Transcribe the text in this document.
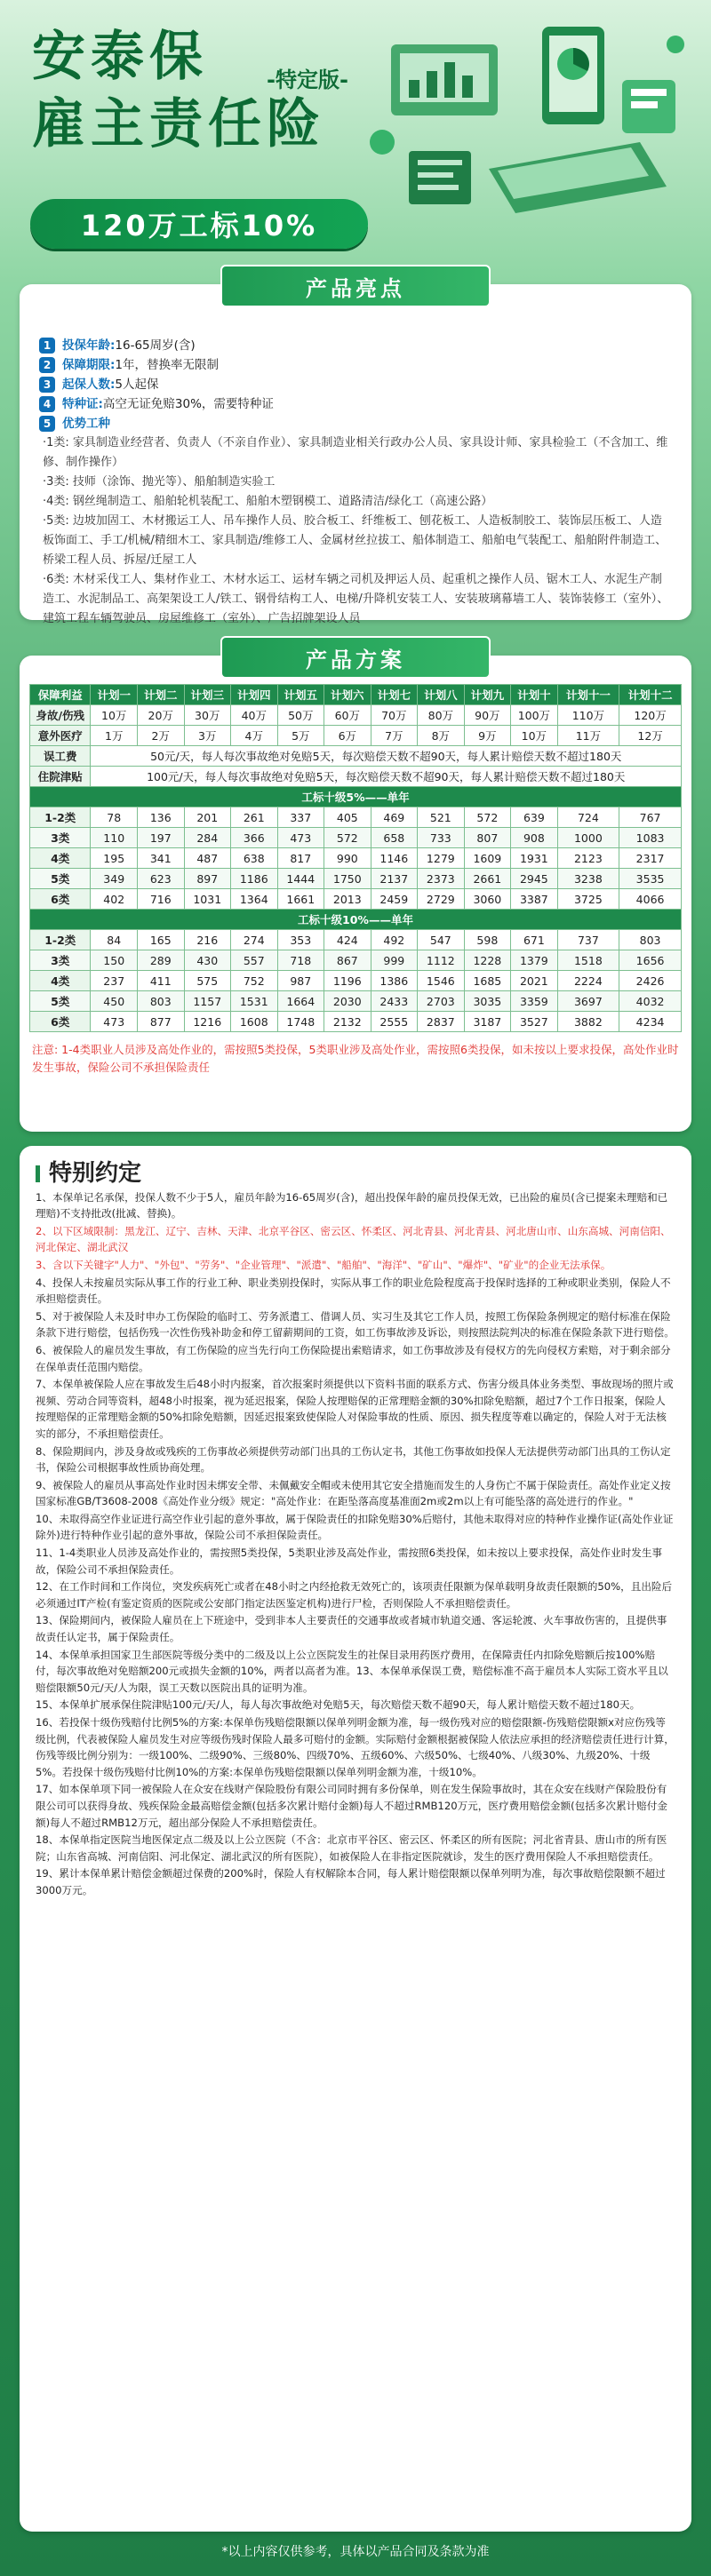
安泰保
雇主责任险
-特定版-
120万工标10%
产品亮点
1 投保年龄: 16-65周岁(含)
2 保障期限: 1年，替换率无限制
3 起保人数: 5人起保
4 特种证: 高空无证免赔30%，需要特种证
5 优势工种
·1类: 家具制造业经营者、负责人（不亲自作业）、家具制造业相关行政办公人员、家具设计师、家具检验工（不含加工、维修、制作操作）
·3类: 技师（涂饰、抛光等）、船舶制造实验工
·4类: 钢丝绳制造工、船舶轮机装配工、船舶木塑钢模工、道路清洁/绿化工（高速公路）
·5类: 边坡加固工、木材搬运工人、吊车操作人员、胶合板工、纤维板工、刨花板工、人造板制胶工、装饰层压板工、人造板饰面工、手工/机械/精细木工、家具制造/维修工人、金属材丝拉拔工、船体制造工、船舶电气装配工、船舶附件制造工、桥梁工程人员、拆屋/迁屋工人
·6类: 木材采伐工人、集材作业工、木材水运工、运材车辆之司机及押运人员、起重机之操作人员、锯木工人、水泥生产制造工、水泥制品工、高架架设工人/铁工、钢骨结构工人、电梯/升降机安装工人、安装玻璃幕墙工人、装饰装修工（室外）、建筑工程车辆驾驶员、房屋维修工（室外）、广告招牌架设人员
产品方案
保障利益	计划一	计划二	计划三	计划四	计划五	计划六	计划七	计划八	计划九	计划十	计划十一	计划十二
身故/伤残	10万	20万	30万	40万	50万	60万	70万	80万	90万	100万	110万	120万
意外医疗	1万	2万	3万	4万	5万	6万	7万	8万	9万	10万	11万	12万
误工费	50元/天，每人每次事故绝对免赔5天，每次赔偿天数不超90天，每人累计赔偿天数不超过180天											
住院津贴	100元/天，每人每次事故绝对免赔5天，每次赔偿天数不超90天，每人累计赔偿天数不超过180天											
工标十级5%——单年												
1-2类	78	136	201	261	337	405	469	521	572	639	724	767
3类	110	197	284	366	473	572	658	733	807	908	1000	1083
4类	195	341	487	638	817	990	1146	1279	1609	1931	2123	2317
5类	349	623	897	1186	1444	1750	2137	2373	2661	2945	3238	3535
6类	402	716	1031	1364	1661	2013	2459	2729	3060	3387	3725	4066
工标十级10%——单年												
1-2类	84	165	216	274	353	424	492	547	598	671	737	803
3类	150	289	430	557	718	867	999	1112	1228	1379	1518	1656
4类	237	411	575	752	987	1196	1386	1546	1685	2021	2224	2426
5类	450	803	1157	1531	1664	2030	2433	2703	3035	3359	3697	4032
6类	473	877	1216	1608	1748	2132	2555	2837	3187	3527	3882	4234
注意: 1-4类职业人员涉及高处作业的，需按照5类投保，5类职业涉及高处作业，需按照6类投保，如未按以上要求投保，高处作业时发生事故，保险公司不承担保险责任
特别约定

1、本保单记名承保，投保人数不少于5人，雇员年龄为16-65周岁(含)，超出投保年龄的雇员投保无效，已出险的雇员(含已提案未理赔和已理赔)不支持批改(批减、替换)。

2、以下区域限制：黑龙江、辽宁、吉林、天津、北京平谷区、密云区、怀柔区、河北青县、河北青县、河北唐山市、山东高城、河南信阳、河北保定、湖北武汉

3、含以下关键字"人力"、"外包"、"劳务"、"企业管理"、"派遣"、"船舶"、"海洋"、"矿山"、"爆炸"、"矿业"的企业无法承保。

4、投保人未按雇员实际从事工作的行业工种、职业类别投保时，实际从事工作的职业危险程度高于投保时选择的工种或职业类别，保险人不承担赔偿责任。

5、对于被保险人未及时申办工伤保险的临时工、劳务派遣工、借调人员、实习生及其它工作人员，按照工伤保险条例规定的赔付标准在保险条款下进行赔偿，包括伤残一次性伤残补助金和停工留薪期间的工资，如工伤事故涉及诉讼，则按照法院判决的标准在保险条款下进行赔偿。

6、被保险人的雇员发生事故，有工伤保险的应当先行向工伤保险提出索赔请求，如工伤事故涉及有侵权方的先向侵权方索赔，对于剩余部分在保单责任范围内赔偿。

7、本保单被保险人应在事故发生后48小时内报案，首次报案时须提供以下资料书面的联系方式、伤害分级具体业务类型、事故现场的照片或视频、劳动合同等资料，超48小时报案，视为延迟报案，保险人按理赔保的正常理赔金额的30%扣除免赔额，超过7个工作日报案，保险人按理赔保的正常理赔金额的50%扣除免赔额，因延迟报案致使保险人对保险事故的性质、原因、损失程度等难以确定的，保险人对于无法核实的部分，不承担赔偿责任。

8、保险期间内，涉及身故或残疾的工伤事故必须提供劳动部门出具的工伤认定书，其他工伤事故如投保人无法提供劳动部门出具的工伤认定书，保险公司根据事故性质协商处理。

9、被保险人的雇员从事高处作业时因未绑安全带、未佩戴安全帽或未使用其它安全措施而发生的人身伤亡不属于保险责任。高处作业定义按国家标准GB/T3608-2008《高处作业分级》规定："高处作业：在距坠落高度基准面2m或2m以上有可能坠落的高处进行的作业。"

10、未取得高空作业证进行高空作业引起的意外事故，属于保险责任的扣除免赔30%后赔付，其他未取得对应的特种作业操作证(高处作业证除外)进行特种作业引起的意外事故，保险公司不承担保险责任。

11、1-4类职业人员涉及高处作业的，需按照5类投保，5类职业涉及高处作业，需按照6类投保，如未按以上要求投保，高处作业时发生事故，保险公司不承担保险责任。

12、在工作时间和工作岗位，突发疾病死亡或者在48小时之内经抢救无效死亡的，该项责任限额为保单载明身故责任限额的50%，且出险后必须通过IT产检(有鉴定资质的医院或公安部门指定法医鉴定机构)进行尸检，否则保险人不承担赔偿责任。

13、保险期间内，被保险人雇员在上下班途中，受到非本人主要责任的交通事故或者城市轨道交通、客运轮渡、火车事故伤害的，且提供事故责任认定书，属于保险责任。

14、本保单承担国家卫生部医院等级分类中的二级及以上公立医院发生的社保目录用药医疗费用，在保障责任内扣除免赔额后按100%赔付，每次事故绝对免赔额200元或损失金额的10%，两者以高者为准。13、本保单承保误工费，赔偿标准不高于雇员本人实际工资水平且以赔偿限额50元/天/人为限，误工天数以医院出具的证明为准。

15、本保单扩展承保住院津贴100元/天/人，每人每次事故绝对免赔5天，每次赔偿天数不超90天，每人累计赔偿天数不超过180天。

16、若投保十级伤残赔付比例5%的方案:本保单伤残赔偿限额以保单列明金额为准，每一级伤残对应的赔偿限额-伤残赔偿限额x对应伤残等级比例，代表被保险人雇员发生对应等级伤残时保险人最多可赔付的金额。实际赔付金额根据被保险人依法应承担的经济赔偿责任进行计算，伤残等级比例分别为：一级100%、二级90%、三级80%、四级70%、五级60%、六级50%、七级40%、八级30%、九级20%、十级5%。若投保十级伤残赔付比例10%的方案:本保单伤残赔偿限额以保单列明金额为准，十级10%。

17、如本保单项下同一被保险人在众安在线财产保险股份有限公司同时拥有多份保单，则在发生保险事故时，其在众安在线财产保险股份有限公司可以获得身故、残疾保险金最高赔偿金额(包括多次累计赔付金额)每人不超过RMB120万元，医疗费用赔偿金额(包括多次累计赔付金额)每人不超过RMB12万元，超出部分保险人不承担赔偿责任。

18、本保单指定医院当地医保定点二级及以上公立医院（不含：北京市平谷区、密云区、怀柔区的所有医院；河北省青县、唐山市的所有医院；山东省高城、河南信阳、河北保定、湖北武汉的所有医院），如被保险人在非指定医院就诊，发生的医疗费用保险人不承担赔偿责任。

19、累计本保单累计赔偿金额超过保费的200%时，保险人有权解除本合同，每人累计赔偿限额以保单列明为准，每次事故赔偿限额不超过3000万元。

*以上内容仅供参考，具体以产品合同及条款为准
